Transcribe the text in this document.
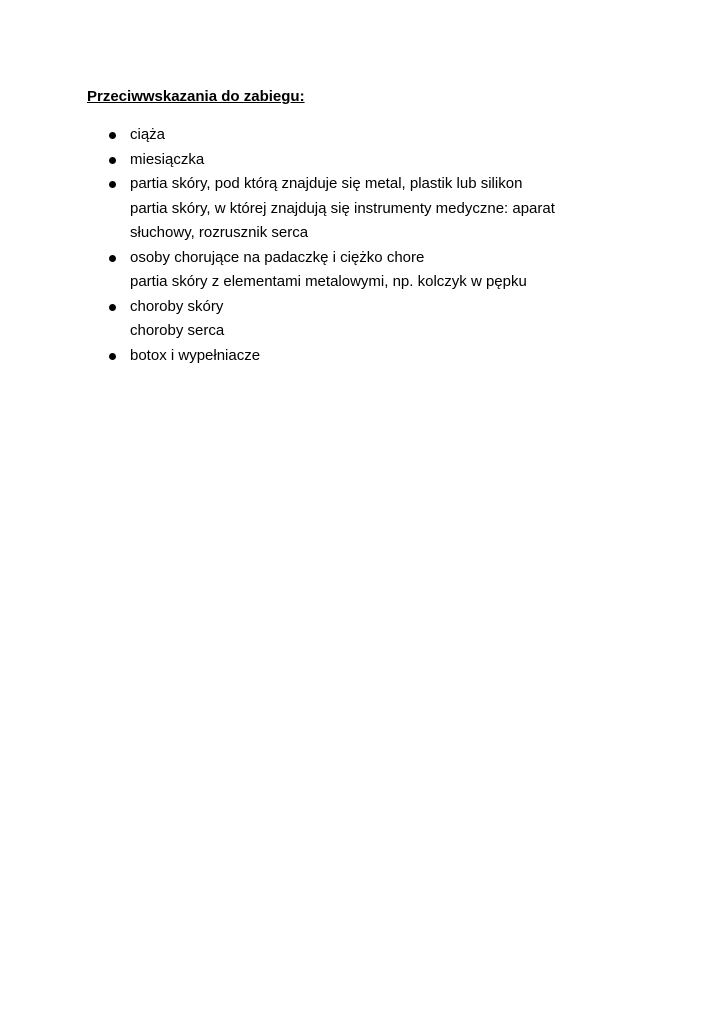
Przeciwwskazania do zabiegu:
ciąża
miesiączka
partia skóry, pod którą znajduje się metal, plastik lub silikon
partia skóry, w której znajdują się instrumenty medyczne: aparat
słuchowy, rozrusznik serca
osoby chorujące na padaczkę i ciężko chore
partia skóry z elementami metalowymi, np. kolczyk w pępku
choroby skóry
choroby serca
botox i wypełniacze
